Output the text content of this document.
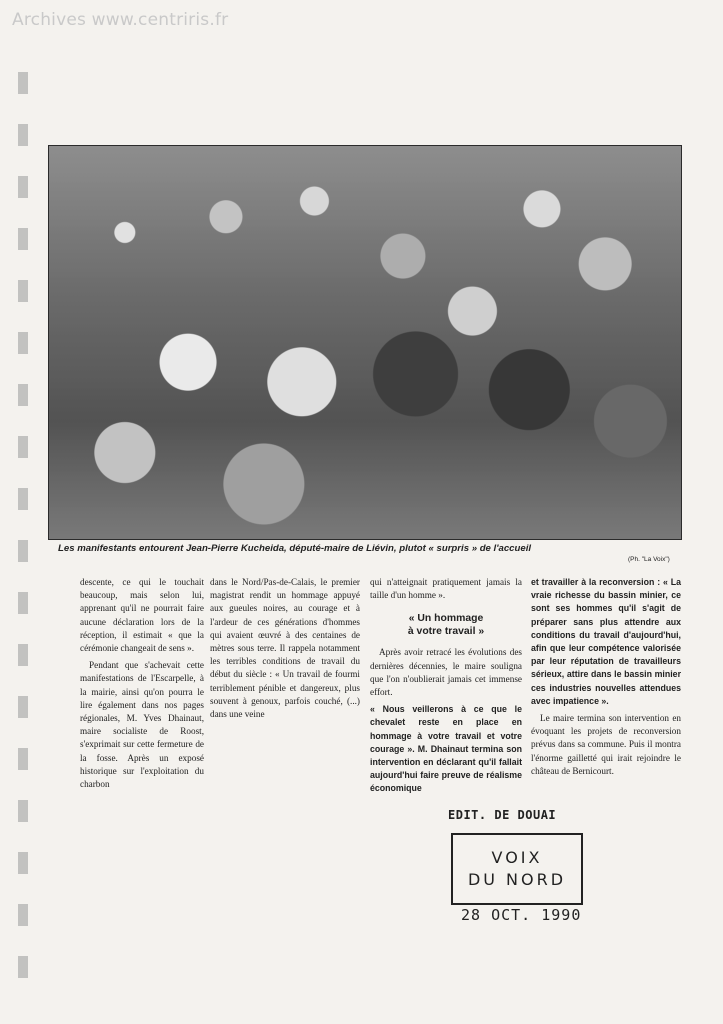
Archives www.centriris.fr
Les manifestants entourent Jean-Pierre Kucheida, député-maire de Liévin, plutot « surpris » de l'accueil
(Ph. "La Voix")

descente, ce qui le touchait beaucoup, mais selon lui, apprenant qu'il ne pourrait faire aucune déclaration lors de la réception, il estimait « que la cérémonie changeait de sens ».

Pendant que s'achevait cette manifestations de l'Escarpelle, à la mairie, ainsi qu'on pourra le lire également dans nos pages régionales, M. Yves Dhainaut, maire socialiste de Roost, s'exprimait sur cette fermeture de la fosse. Après un exposé historique sur l'exploitation du charbon

dans le Nord/Pas-de-Calais, le premier magistrat rendit un hommage appuyé aux gueules noires, au courage et à l'ardeur de ces générations d'hommes qui avaient œuvré à des centaines de mètres sous terre. Il rappela notamment les terribles conditions de travail du début du siècle : « Un travail de fourmi terriblement pénible et dangereux, plus souvent à genoux, parfois couché, (...) dans une veine

qui n'atteignait pratiquement jamais la taille d'un homme ».

« Un hommage
à votre travail »

Après avoir retracé les évolutions des dernières décennies, le maire souligna que l'on n'oublierait jamais cet immense effort.

« Nous veillerons à ce que le chevalet reste en place en hommage à votre travail et votre courage ». M. Dhainaut termina son intervention en déclarant qu'il fallait aujourd'hui faire preuve de réalisme économique

et travailler à la reconversion : « La vraie richesse du bassin minier, ce sont ses hommes qu'il s'agit de préparer sans plus attendre aux conditions du travail d'aujourd'hui, afin que leur compétence valorisée par leur réputation de travailleurs sérieux, attire dans le bassin minier ces industries nouvelles attendues avec impatience ».

Le maire termina son intervention en évoquant les projets de reconversion prévus dans sa commune. Puis il montra l'énorme gailletté qui irait rejoindre le château de Bernicourt.

EDIT. DE DOUAI
VOIX
DU NORD
28 OCT. 1990
